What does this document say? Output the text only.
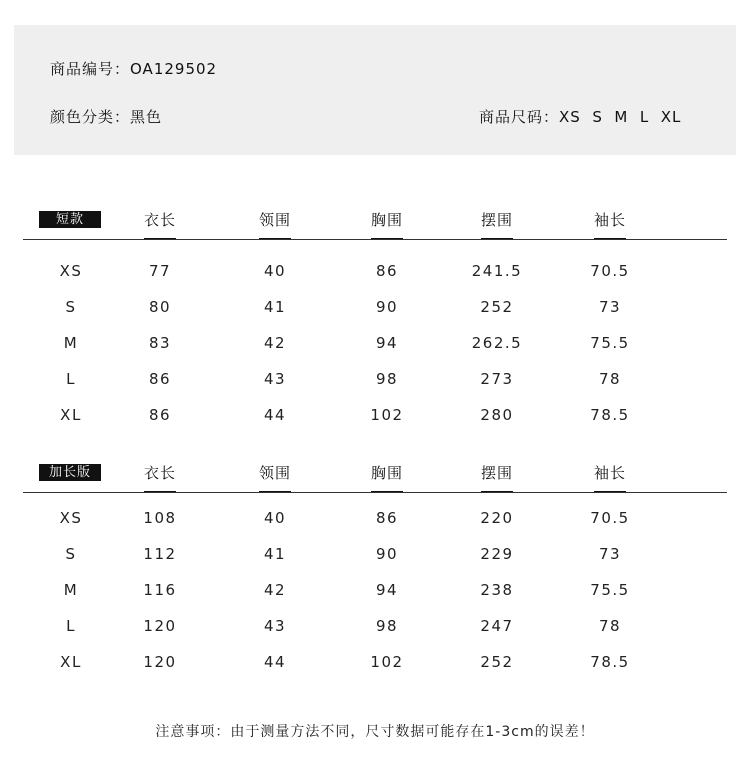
商品编号：OA129502
颜色分类：黑色	商品尺码：XS  S  M  L  XL
短款	衣长	领围	胸围	摆围	袖长
XS	77	40	86	241.5	70.5
S	80	41	90	252	73
M	83	42	94	262.5	75.5
L	86	43	98	273	78
XL	86	44	102	280	78.5
加长版	衣长	领围	胸围	摆围	袖长
XS	108	40	86	220	70.5
S	112	41	90	229	73
M	116	42	94	238	75.5
L	120	43	98	247	78
XL	120	44	102	252	78.5
注意事项：由于测量方法不同，尺寸数据可能存在1-3cm的误差！
